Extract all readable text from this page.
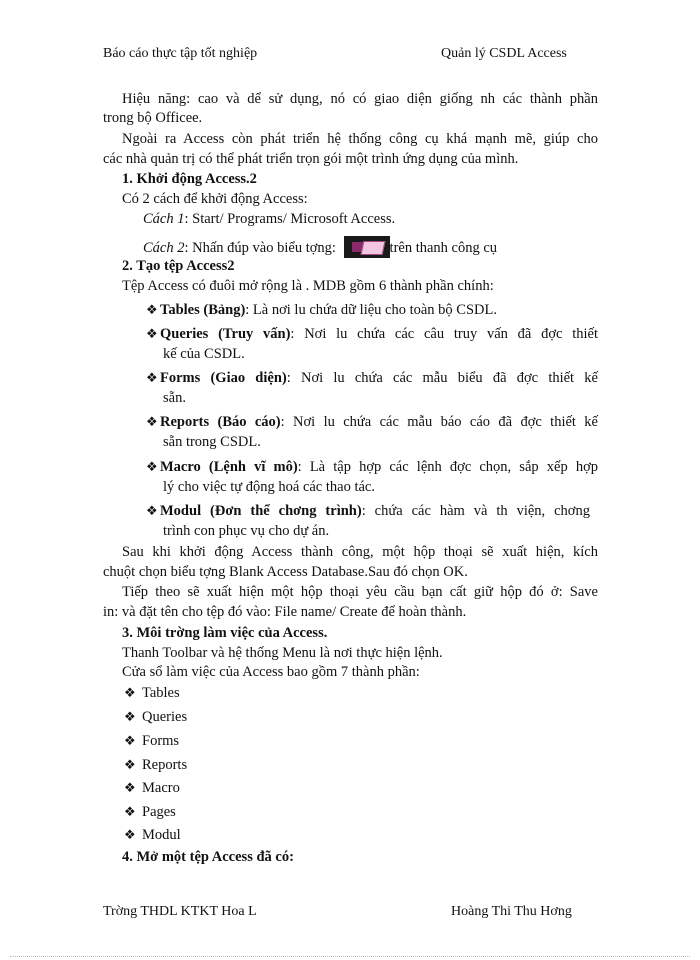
Báo cáo thực tập tốt nghiệp	Quản lý CSDL Access
Hiệu năng: cao và dể sử dụng, nó có giao diện giống nh các thành phần
trong bộ Officee.
Ngoài ra Access còn phát triển hệ thống công cụ khá mạnh mẽ, giúp cho
các nhà quản trị có thể phát triển trọn gói một trình ứng dụng của mình.
1. Khởi động Access.2
Có 2 cách để khởi động Access:
Cách 1: Start/ Programs/ Microsoft Access.
Cách 2: Nhấn đúp vào biểu tợng:	trên thanh công cụ
2. Tạo tệp Access2
Tệp Access có đuôi mở rộng là . MDB gồm 6 thành phần chính:
❖ Tables (Bảng): Là nơi lu chứa dữ liệu cho toàn bộ CSDL.
❖ Queries (Truy vấn): Nơi lu chứa các câu truy vấn đã đợc thiết
kế của CSDL.
❖ Forms (Giao diện): Nơi lu chứa các mẫu biểu đã đợc thiết kế
sẵn.
❖ Reports (Báo cáo): Nơi lu chứa các mẫu báo cáo đã đợc thiết kế
sẵn trong CSDL.
❖ Macro (Lệnh vĩ mô): Là tập hợp các lệnh đợc chọn, sắp xếp hợp
lý cho việc tự động hoá các thao tác.
❖ Modul (Đơn thể chơng trình): chứa các hàm và th viện, chơng
trình con phục vụ cho dự án.
Sau khi khởi động Access thành công, một hộp thoại sẽ xuất hiện, kích
chuột chọn biểu tợng Blank Access Database.Sau đó chọn OK.
Tiếp theo sẽ xuất hiện một hộp thoại yêu cầu bạn cất giữ hộp đó ở: Save
in: và đặt tên cho tệp đó vào: File name/ Create để hoàn thành.
3. Môi trờng làm việc của Access.
Thanh Toolbar và hệ thống Menu là nơi thực hiện lệnh.
Cửa sổ làm việc của Access bao gồm 7 thành phần:
❖ Tables
❖ Queries
❖ Forms
❖ Reports
❖ Macro
❖ Pages
❖ Modul
4. Mở một tệp Access đã có:
Trờng THDL KTKT Hoa L	Hoàng Thi Thu Hơng
